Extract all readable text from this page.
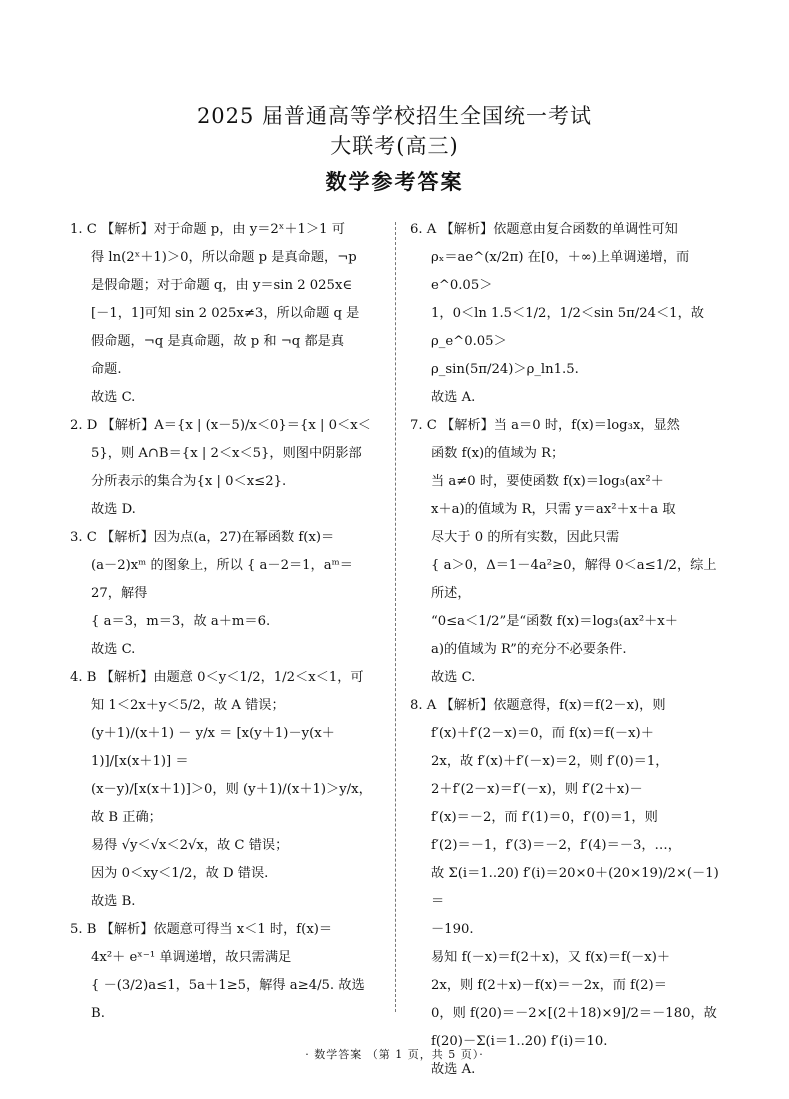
2025 届普通高等学校招生全国统一考试
大联考(高三)
数学参考答案

1. C 【解析】对于命题 p，由 y＝2ˣ＋1＞1 可

得 ln(2ˣ＋1)＞0，所以命题 p 是真命题，¬p

是假命题；对于命题 q，由 y＝sin 2 025x∈

[－1，1]可知 sin 2 025x≠3，所以命题 q 是

假命题，¬q 是真命题，故 p 和 ¬q 都是真

命题.

故选 C.

2. D 【解析】A＝{x | (x－5)/x＜0}＝{x | 0＜x＜

5}，则 A∩B＝{x | 2＜x＜5}，则图中阴影部

分所表示的集合为{x | 0＜x≤2}.

故选 D.

3. C 【解析】因为点(a，27)在幂函数 f(x)＝

(a－2)xᵐ 的图象上，所以 { a－2＝1，aᵐ＝27，解得

{ a＝3，m＝3，故 a＋m＝6.

故选 C.

4. B 【解析】由题意 0＜y＜1/2，1/2＜x＜1，可

知 1＜2x＋y＜5/2，故 A 错误；

(y＋1)/(x＋1) － y/x ＝ [x(y＋1)－y(x＋1)]/[x(x＋1)] ＝

(x－y)/[x(x＋1)]＞0，则 (y＋1)/(x＋1)＞y/x，故 B 正确；

易得 √y＜√x＜2√x，故 C 错误；

因为 0＜xy＜1/2，故 D 错误.

故选 B.

5. B 【解析】依题意可得当 x＜1 时，f(x)＝

4x²＋ eˣ⁻¹ 单调递增，故只需满足

{ －(3/2)a≤1，5a＋1≥5，解得 a≥4/5. 故选 B.

6. A 【解析】依题意由复合函数的单调性可知

ρₓ＝ae^(x/2π) 在[0，＋∞)上单调递增，而 e^0.05＞

1，0＜ln 1.5＜1/2，1/2＜sin 5π/24＜1，故 ρ_e^0.05＞

ρ_sin(5π/24)＞ρ_ln1.5.

故选 A.

7. C 【解析】当 a＝0 时，f(x)＝log₃x，显然

函数 f(x)的值域为 R；

当 a≠0 时，要使函数 f(x)＝log₃(ax²＋

x＋a)的值域为 R，只需 y＝ax²＋x＋a 取

尽大于 0 的所有实数，因此只需

{ a＞0，Δ＝1－4a²≥0，解得 0＜a≤1/2，综上所述，

“0≤a＜1/2”是“函数 f(x)＝log₃(ax²＋x＋

a)的值域为 R”的充分不必要条件.

故选 C.

8. A 【解析】依题意得，f(x)＝f(2－x)，则

f′(x)＋f′(2－x)＝0，而 f(x)＝f(－x)＋

2x，故 f′(x)＋f′(－x)＝2，则 f′(0)＝1，

2＋f′(2－x)＝f′(－x)，则 f′(2＋x)－

f′(x)＝－2，而 f′(1)＝0，f′(0)＝1，则

f′(2)＝－1，f′(3)＝－2，f′(4)＝－3，…，

故 Σ(i＝1..20) f′(i)＝20×0＋(20×19)/2×(－1)＝

－190.

易知 f(－x)＝f(2＋x)，又 f(x)＝f(－x)＋

2x，则 f(2＋x)－f(x)＝－2x，而 f(2)＝

0，则 f(20)＝－2×[(2＋18)×9]/2＝－180，故

f(20)－Σ(i＝1..20) f′(i)＝10.

故选 A.

· 数学答案 （第 1 页，共 5 页）·
